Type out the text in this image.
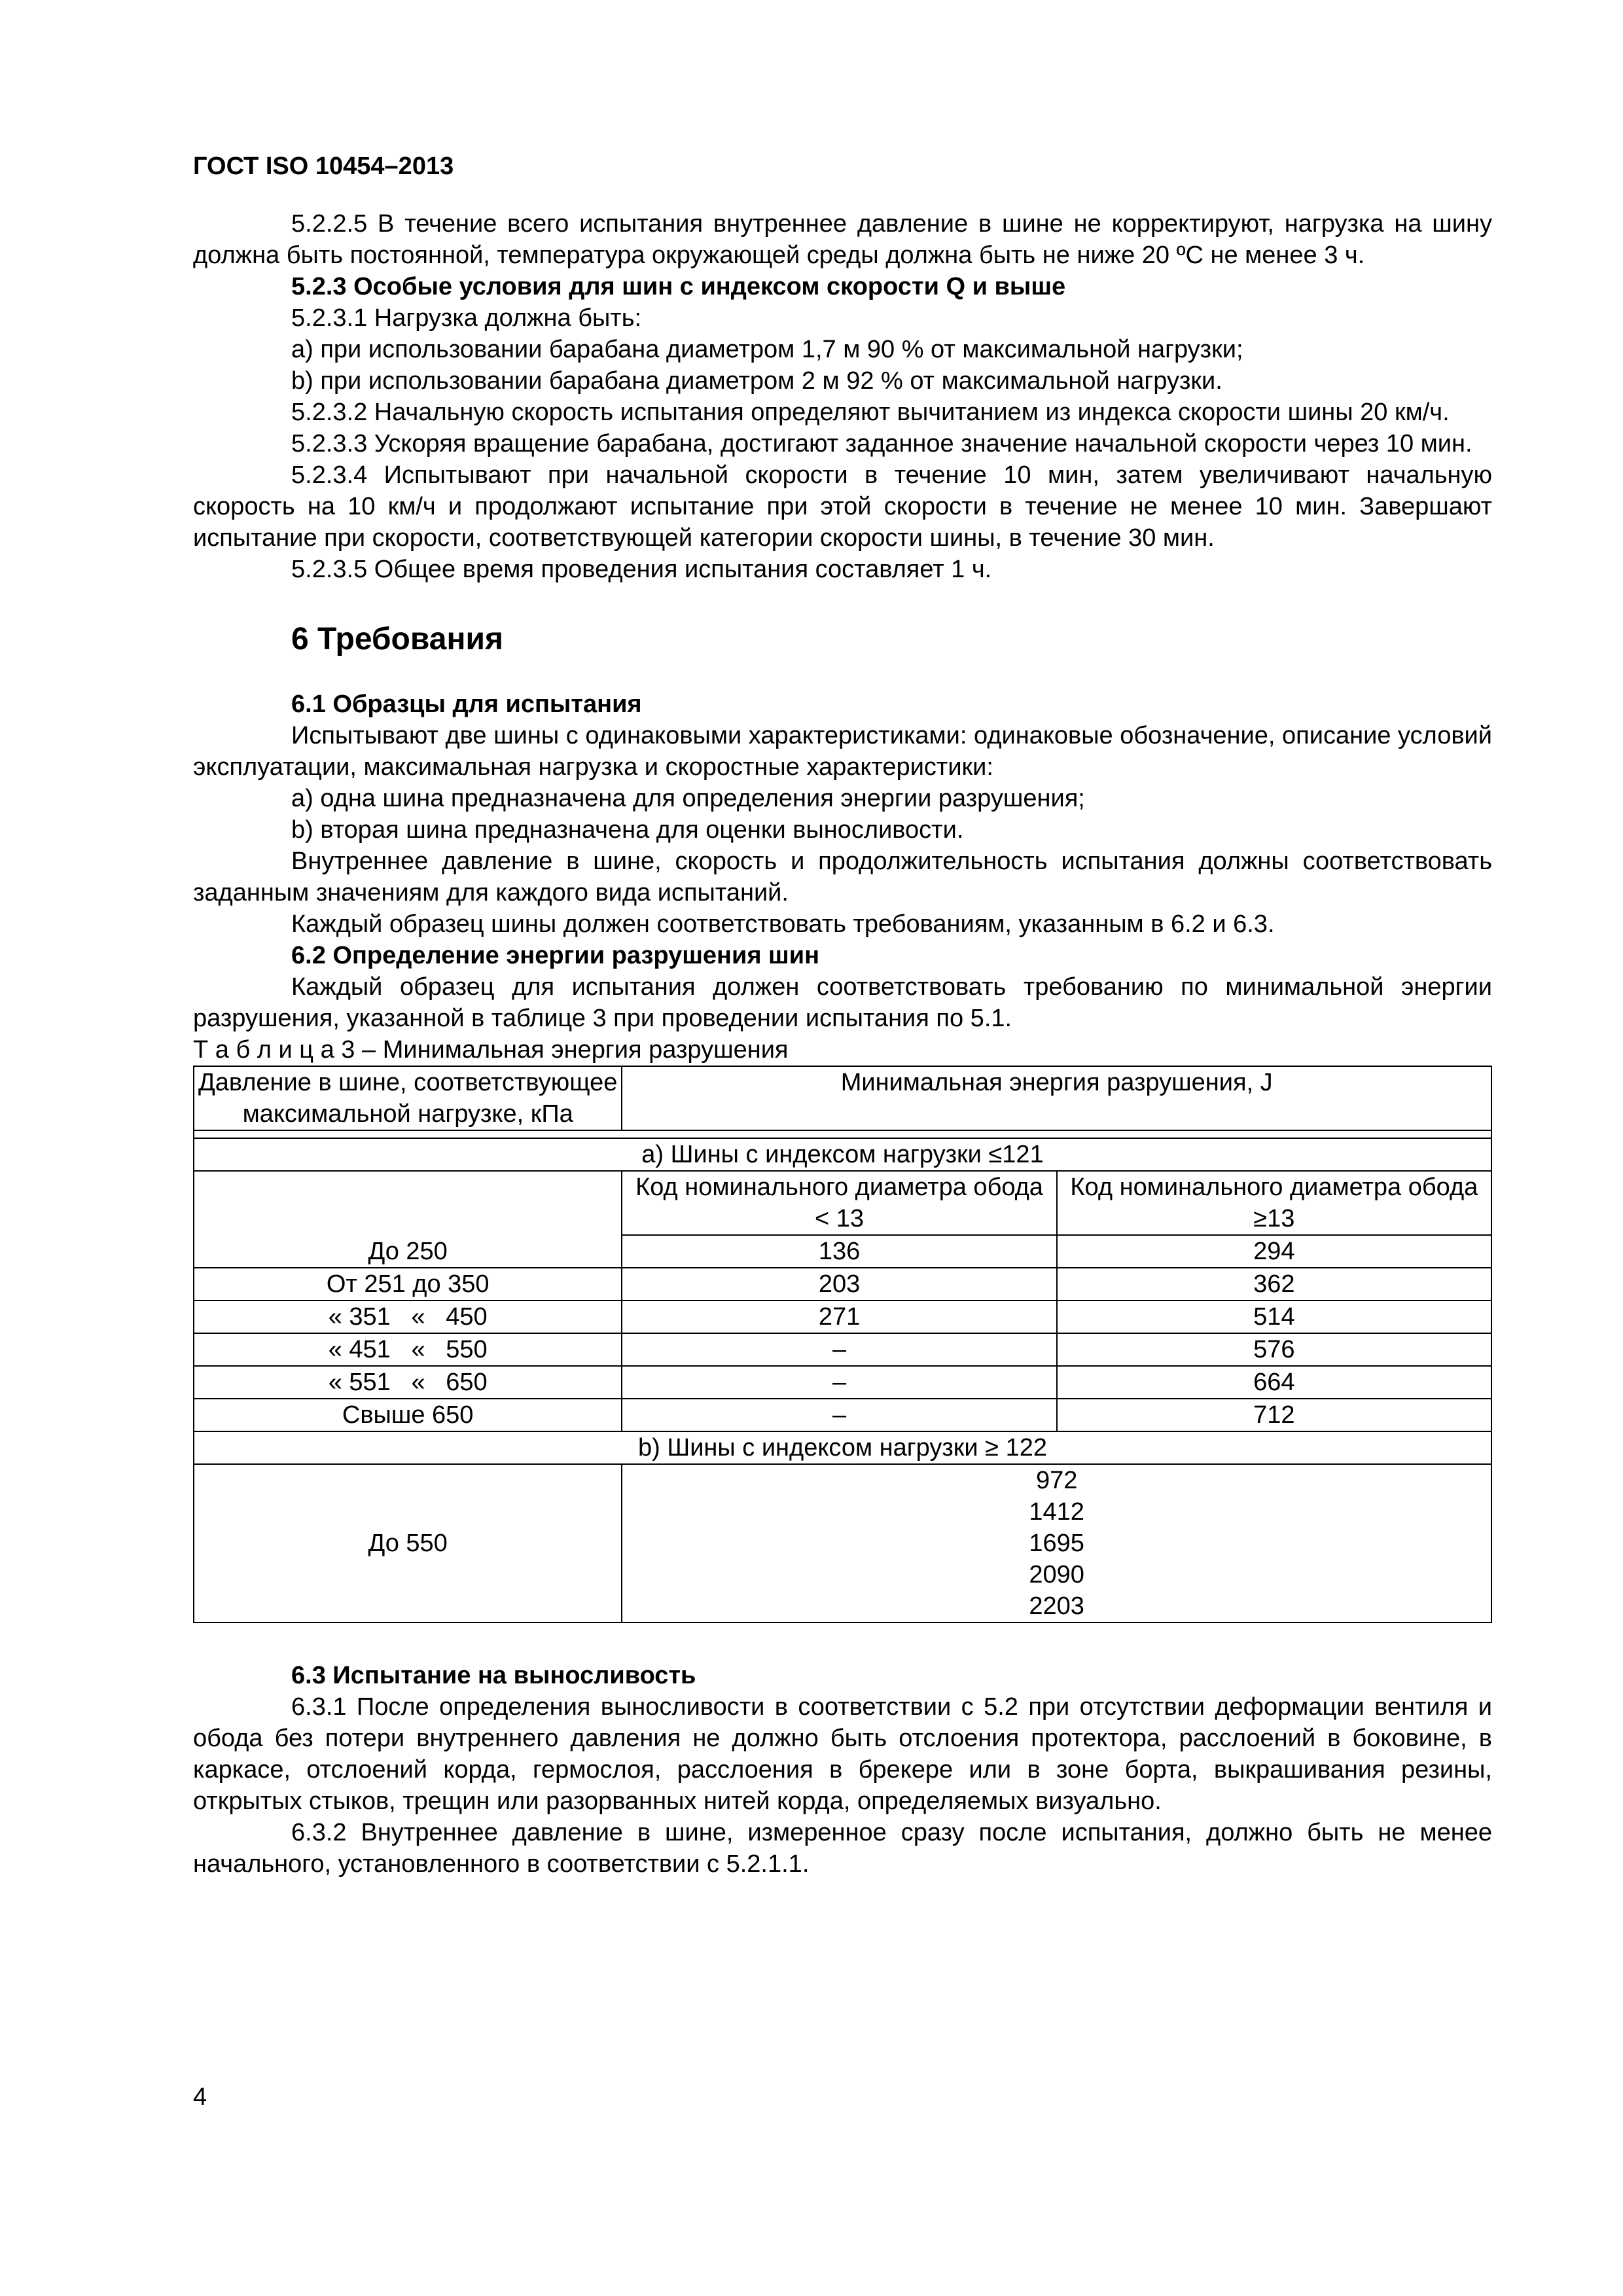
ГОСТ ISO 10454–2013

5.2.2.5 В течение всего испытания внутреннее давление в шине не корректируют, нагрузка на шину должна быть постоянной, температура окружающей среды должна быть не ниже 20 ºС не менее 3 ч.

5.2.3 Особые условия для шин с индексом скорости Q и выше

5.2.3.1 Нагрузка должна быть:

а) при использовании барабана диаметром 1,7 м 90 % от максимальной нагрузки;

b) при использовании барабана диаметром 2 м 92 % от максимальной нагрузки.

5.2.3.2 Начальную скорость испытания определяют вычитанием из индекса скорости шины 20 км/ч.

5.2.3.3 Ускоряя вращение барабана, достигают заданное значение начальной скорости через 10 мин.

5.2.3.4 Испытывают при начальной скорости в течение 10 мин, затем увеличивают начальную скорость на 10 км/ч и продолжают испытание при этой скорости в течение не менее 10 мин. Завершают испытание при скорости, соответствующей категории скорости шины, в течение 30 мин.

5.2.3.5 Общее время проведения испытания составляет 1 ч.

6 Требования

6.1 Образцы для испытания

Испытывают две шины с одинаковыми характеристиками: одинаковые обозначение, описание условий эксплуатации, максимальная нагрузка и скоростные характеристики:

а) одна шина предназначена для определения энергии разрушения;

b) вторая шина предназначена для оценки выносливости.

Внутреннее давление в шине, скорость и продолжительность испытания должны соответствовать заданным значениям для каждого вида испытаний.

Каждый образец шины должен соответствовать требованиям, указанным в 6.2 и 6.3.

6.2 Определение энергии разрушения шин

Каждый образец для испытания должен соответствовать требованию по минимальной энергии разрушения, указанной в таблице 3 при проведении испытания по 5.1.

Т а б л и ц а 3 – Минимальная энергия разрушения

Давление в шине, соответствующее максимальной нагрузке, кПа	Минимальная энергия разрушения, J	

а) Шины с индексом нагрузки ≤121		
До 250	Код номинального диаметра обода < 13	Код номинального диаметра обода ≥13
	136	294
От 251 до 350	203	362
« 351   «   450	271	514
« 451   «   550	–	576
« 551   «   650	–	664
Свыше 650	–	712
b) Шины с индексом нагрузки ≥ 122		
До 550	972
1412
1695
2090
2203	

6.3 Испытание на выносливость

6.3.1 После определения выносливости в соответствии с 5.2 при отсутствии деформации вентиля и обода без потери внутреннего давления не должно быть отслоения протектора, расслоений в боковине, в каркасе, отслоений корда, гермослоя, расслоения в брекере или в зоне борта, выкрашивания резины, открытых стыков, трещин или разорванных нитей корда, определяемых визуально.

6.3.2 Внутреннее давление в шине, измеренное сразу после испытания, должно быть не менее начального, установленного в соответствии с 5.2.1.1.

4
